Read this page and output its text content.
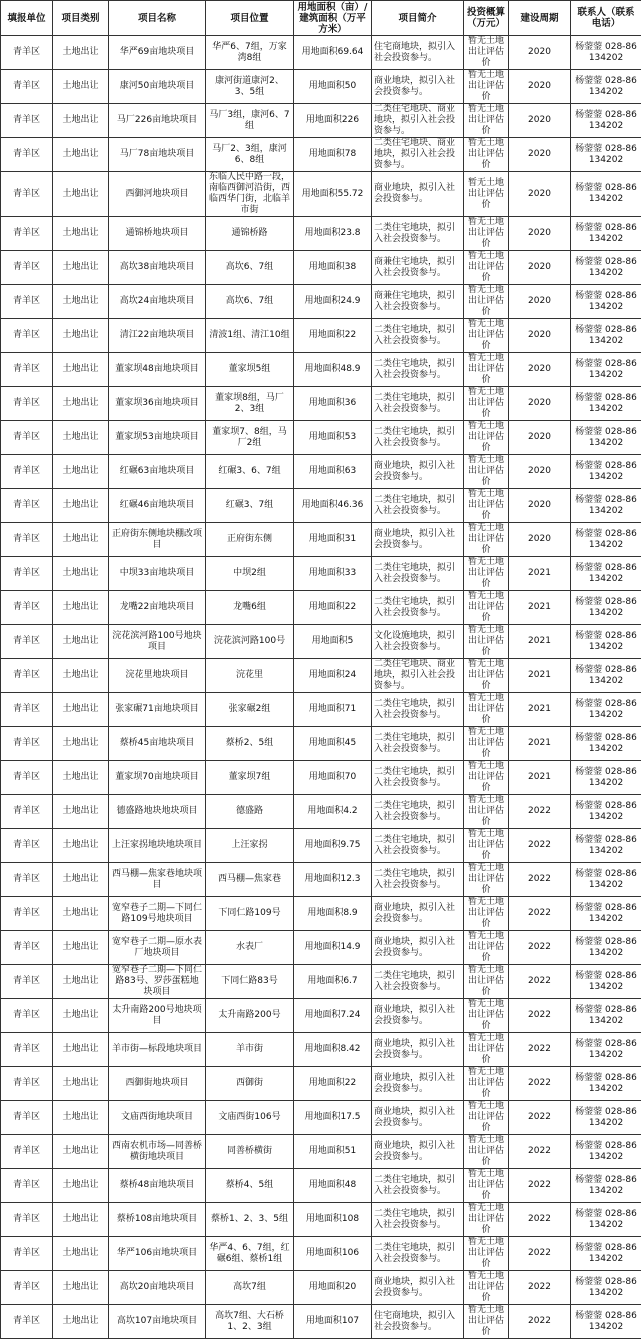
填报单位	项目类别	项目名称	项目位置	用地面积（亩）/建筑面积（万平方米）	项目简介	投资概算（万元）	建设周期	联系人（联系电话）
青羊区	土地出让	华严69亩地块项目	华严6、7组，万家湾8组	用地面积69.64	住宅商地块，拟引入社会投资参与。	暂无土地出让评估价	2020	杨蓥蓥 028-86134202
青羊区	土地出让	康河50亩地块项目	康河街道康河2、3、5组	用地面积50	商业地块，拟引入社会投资参与。	暂无土地出让评估价	2020	杨蓥蓥 028-86134202
青羊区	土地出让	马厂226亩地块项目	马厂3组，康河6、7组	用地面积226	二类住宅地块、商业地块，拟引入社会投资参与。	暂无土地出让评估价	2020	杨蓥蓥 028-86134202
青羊区	土地出让	马厂78亩地块项目	马厂2、3组，康河6、8组	用地面积78	二类住宅地块、商业地块，拟引入社会投资参与。	暂无土地出让评估价	2020	杨蓥蓥 028-86134202
青羊区	土地出让	西御河地块项目	东临人民中路一段，南临西御河沿街，西临西华门街，北临羊市街	用地面积55.72	商业地块，拟引入社会投资参与。	暂无土地出让评估价	2020	杨蓥蓥 028-86134202
青羊区	土地出让	通锦桥地块项目	通锦桥路	用地面积23.8	二类住宅地块，拟引入社会投资参与。	暂无土地出让评估价	2020	杨蓥蓥 028-86134202
青羊区	土地出让	高坎38亩地块项目	高坎6、7组	用地面积38	商兼住宅地块，拟引入社会投资参与。	暂无土地出让评估价	2020	杨蓥蓥 028-86134202
青羊区	土地出让	高坎24亩地块项目	高坎6、7组	用地面积24.9	商兼住宅地块，拟引入社会投资参与。	暂无土地出让评估价	2020	杨蓥蓥 028-86134202
青羊区	土地出让	清江22亩地块项目	清波1组、清江10组	用地面积22	二类住宅地块，拟引入社会投资参与。	暂无土地出让评估价	2020	杨蓥蓥 028-86134202
青羊区	土地出让	董家坝48亩地块项目	董家坝5组	用地面积48.9	二类住宅地块，拟引入社会投资参与。	暂无土地出让评估价	2020	杨蓥蓥 028-86134202
青羊区	土地出让	董家坝36亩地块项目	董家坝8组，马厂2、3组	用地面积36	二类住宅地块，拟引入社会投资参与。	暂无土地出让评估价	2020	杨蓥蓥 028-86134202
青羊区	土地出让	董家坝53亩地块项目	董家坝7、8组，马厂2组	用地面积53	二类住宅地块，拟引入社会投资参与。	暂无土地出让评估价	2020	杨蓥蓥 028-86134202
青羊区	土地出让	红碾63亩地块项目	红碾3、6、7组	用地面积63	商业地块，拟引入社会投资参与。	暂无土地出让评估价	2020	杨蓥蓥 028-86134202
青羊区	土地出让	红碾46亩地块项目	红碾3、7组	用地面积46.36	二类住宅地块，拟引入社会投资参与。	暂无土地出让评估价	2020	杨蓥蓥 028-86134202
青羊区	土地出让	正府街东侧地块棚改项目	正府街东侧	用地面积31	商业地块，拟引入社会投资参与。	暂无土地出让评估价	2020	杨蓥蓥 028-86134202
青羊区	土地出让	中坝33亩地块项目	中坝2组	用地面积33	二类住宅地块，拟引入社会投资参与。	暂无土地出让评估价	2021	杨蓥蓥 028-86134202
青羊区	土地出让	龙嘴22亩地块项目	龙嘴6组	用地面积22	二类住宅地块，拟引入社会投资参与。	暂无土地出让评估价	2021	杨蓥蓥 028-86134202
青羊区	土地出让	浣花滨河路100号地块项目	浣花滨河路100号	用地面积5	文化设施地块，拟引入社会投资参与。	暂无土地出让评估价	2021	杨蓥蓥 028-86134202
青羊区	土地出让	浣花里地块项目	浣花里	用地面积24	二类住宅地块、商业地块，拟引入社会投资参与。	暂无土地出让评估价	2021	杨蓥蓥 028-86134202
青羊区	土地出让	张家碾71亩地块项目	张家碾2组	用地面积71	二类住宅地块，拟引入社会投资参与。	暂无土地出让评估价	2021	杨蓥蓥 028-86134202
青羊区	土地出让	蔡桥45亩地块项目	蔡桥2、5组	用地面积45	二类住宅地块，拟引入社会投资参与。	暂无土地出让评估价	2021	杨蓥蓥 028-86134202
青羊区	土地出让	董家坝70亩地块项目	董家坝7组	用地面积70	二类住宅地块，拟引入社会投资参与。	暂无土地出让评估价	2021	杨蓥蓥 028-86134202
青羊区	土地出让	德盛路地块地块项目	德盛路	用地面积4.2	二类住宅地块，拟引入社会投资参与。	暂无土地出让评估价	2022	杨蓥蓥 028-86134202
青羊区	土地出让	上汪家拐地块地块项目	上汪家拐	用地面积9.75	二类住宅地块，拟引入社会投资参与。	暂无土地出让评估价	2022	杨蓥蓥 028-86134202
青羊区	土地出让	西马棚—焦家巷地块项目	西马棚—焦家巷	用地面积12.3	二类住宅地块，拟引入社会投资参与。	暂无土地出让评估价	2022	杨蓥蓥 028-86134202
青羊区	土地出让	宽窄巷子二期—下同仁路109号地块项目	下同仁路109号	用地面积8.9	商业地块，拟引入社会投资参与。	暂无土地出让评估价	2022	杨蓥蓥 028-86134202
青羊区	土地出让	宽窄巷子二期—原水表厂地块项目	水表厂	用地面积14.9	商业地块，拟引入社会投资参与。	暂无土地出让评估价	2022	杨蓥蓥 028-86134202
青羊区	土地出让	宽窄巷子二期—下同仁路83号、罗莎蛋糕地块项目	下同仁路83号	用地面积6.7	二类住宅地块，拟引入社会投资参与。	暂无土地出让评估价	2022	杨蓥蓥 028-86134202
青羊区	土地出让	太升南路200号地块项目	太升南路200号	用地面积7.24	商业地块，拟引入社会投资参与。	暂无土地出让评估价	2022	杨蓥蓥 028-86134202
青羊区	土地出让	羊市街—标段地块项目	羊市街	用地面积8.42	商业地块，拟引入社会投资参与。	暂无土地出让评估价	2022	杨蓥蓥 028-86134202
青羊区	土地出让	西御街地块项目	西御街	用地面积22	商业地块，拟引入社会投资参与。	暂无土地出让评估价	2022	杨蓥蓥 028-86134202
青羊区	土地出让	文庙西街地块项目	文庙西街106号	用地面积17.5	商业地块，拟引入社会投资参与。	暂无土地出让评估价	2022	杨蓥蓥 028-86134202
青羊区	土地出让	西南农机市场—同善桥横街地块项目	同善桥横街	用地面积51	商业地块，拟引入社会投资参与。	暂无土地出让评估价	2022	杨蓥蓥 028-86134202
青羊区	土地出让	蔡桥48亩地块项目	蔡桥4、5组	用地面积48	二类住宅地块，拟引入社会投资参与。	暂无土地出让评估价	2022	杨蓥蓥 028-86134202
青羊区	土地出让	蔡桥108亩地块项目	蔡桥1、2、3、5组	用地面积108	二类住宅地块，拟引入社会投资参与。	暂无土地出让评估价	2022	杨蓥蓥 028-86134202
青羊区	土地出让	华严106亩地块项目	华严4、6、7组，红碾6组、蔡桥1组	用地面积106	二类住宅地块，拟引入社会投资参与。	暂无土地出让评估价	2022	杨蓥蓥 028-86134202
青羊区	土地出让	高坎20亩地块项目	高坎7组	用地面积20	商业地块，拟引入社会投资参与。	暂无土地出让评估价	2022	杨蓥蓥 028-86134202
青羊区	土地出让	高坎107亩地块项目	高坎7组、大石桥1、2、3组	用地面积107	住宅商地块，拟引入社会投资参与。	暂无土地出让评估价	2022	杨蓥蓥 028-86134202
